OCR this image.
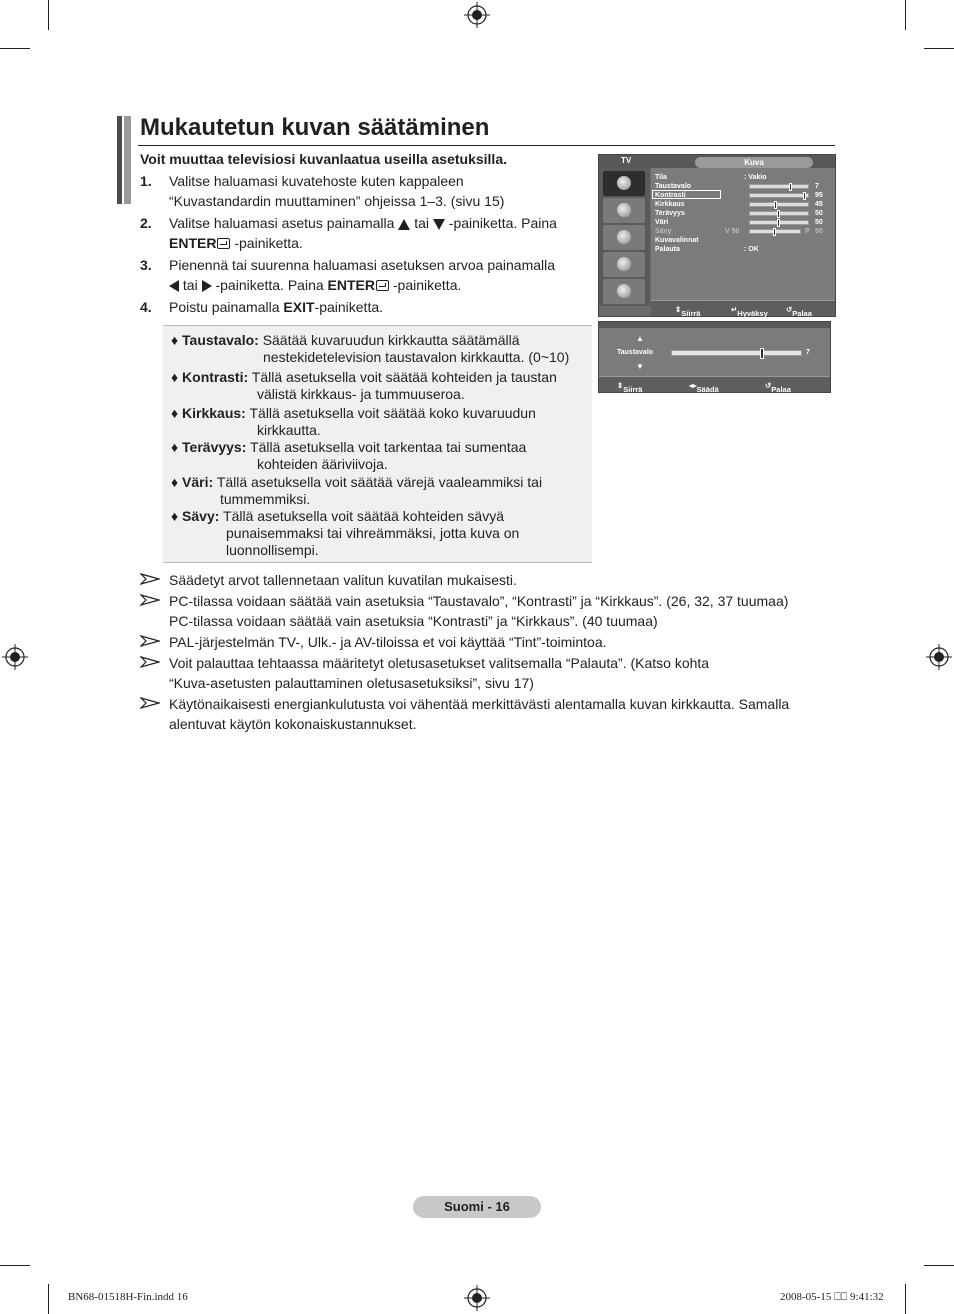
Mukautetun kuvan säätäminen
Voit muuttaa televisiosi kuvanlaatua useilla asetuksilla.
1.	Valitse haluamasi kuvatehoste kuten kappaleen
“Kuvastandardin muuttaminen” ohjeissa 1–3. (sivu 15)
2.	Valitse haluamasi asetus painamalla tai -painiketta. Paina
ENTER -painiketta.
3.	Pienennä tai suurenna haluamasi asetuksen arvoa painamalla
tai -painiketta. Paina ENTER -painiketta.
4.	Poistu painamalla EXIT-painiketta.
♦ Taustavalo: Säätää kuvaruudun kirkkautta säätämällä
nestekidetelevision taustavalon kirkkautta. (0~10)
♦ Kontrasti: Tällä asetuksella voit säätää kohteiden ja taustan
välistä kirkkaus- ja tummuuseroa.
♦ Kirkkaus: Tällä asetuksella voit säätää koko kuvaruudun
kirkkautta.
♦ Terävyys: Tällä asetuksella voit tarkentaa tai sumentaa
kohteiden ääriviivoja.
♦ Väri: Tällä asetuksella voit säätää värejä vaaleammiksi tai
tummemmiksi.
♦ Sävy: Tällä asetuksella voit säätää kohteiden sävyä
punaisemmaksi tai vihreämmäksi, jotta kuva on
luonnollisempi.
Säädetyt arvot tallennetaan valitun kuvatilan mukaisesti.
PC-tilassa voidaan säätää vain asetuksia “Taustavalo”, “Kontrasti” ja “Kirkkaus”. (26, 32, 37 tuumaa)
PC-tilassa voidaan säätää vain asetuksia “Kontrasti” ja “Kirkkaus”. (40 tuumaa)
PAL-järjestelmän TV-, Ulk.- ja AV-tiloissa et voi käyttää “Tint”-toimintoa.
Voit palauttaa tehtaassa määritetyt oletusasetukset valitsemalla “Palauta”. (Katso kohta
“Kuva-asetusten palauttaminen oletusasetuksiksi”, sivu 17)
Käytönaikaisesti energiankulutusta voi vähentää merkittävästi alentamalla kuvan kirkkautta. Samalla
alentuvat käytön kokonaiskustannukset.
TV	Kuva
Tila	: Vakio
Taustavalo	7
Kontrasti	95
Kirkkaus	45
Terävyys	50
Väri	50
Sävy	V 50	P 50
Kuvavalinnat
Palauta	: OK
⇕ Siirrä	↵ Hyväksy ↺ Palaa
▲
Taustavalo	7
▼
⇕ Siirrä	◂▸ Säädä	↺ Palaa
Suomi - 16
BN68-01518H-Fin.indd 16	2008-05-15 ⎕⎕ 9:41:32
